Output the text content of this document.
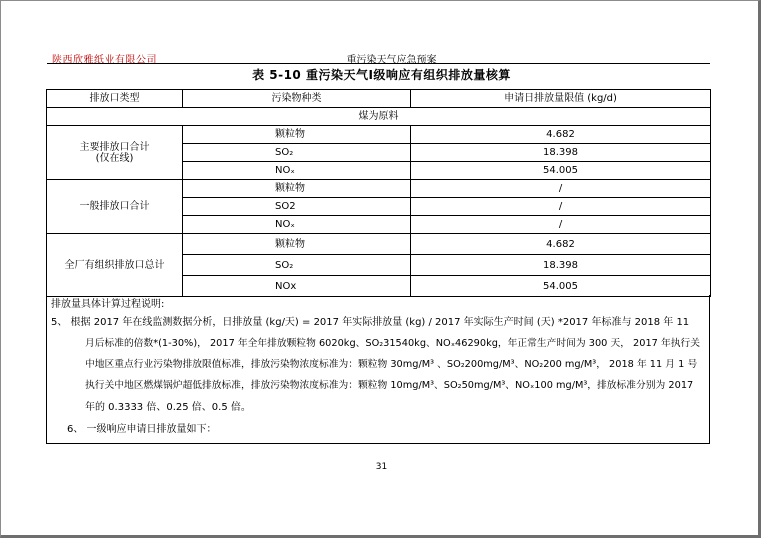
陕西欣雅纸业有限公司	重污染天气应急预案
表 5-10 重污染天气Ⅰ级响应有组织排放量核算
排放口类型	污染物种类	申请日排放量限值 (kg/d)
煤为原料		
主要排放口合计
(仅在线)	颗粒物	4.682
	SO₂	18.398
	NOₓ	54.005
一般排放口合计	颗粒物	/
	SO2	/
	NOₓ	/
全厂有组织排放口总计	颗粒物	4.682
	SO₂	18.398
	NOx	54.005
排放量具体计算过程说明:
5、 根据 2017 年在线监测数据分析，日排放量 (kg/天) = 2017 年实际排放量 (kg) / 2017 年实际生产时间 (天) *2017 年标准与 2018 年 11
月后标准的倍数*(1-30%)， 2017 年全年排放颗粒物 6020kg、SO₂31540kg、NOₓ46290kg，年正常生产时间为 300 天， 2017 年执行关
中地区重点行业污染物排放限值标准，排放污染物浓度标准为：颗粒物 30mg/M³ 、SO₂200mg/M³、NO₂200 mg/M³， 2018 年 11 月 1 号
执行关中地区燃煤锅炉超低排放标准，排放污染物浓度标准为：颗粒物 10mg/M³、SO₂50mg/M³、NOₓ100 mg/M³，排放标准分别为 2017
年的 0.3333 倍、0.25 倍、0.5 倍。
6、 一级响应申请日排放量如下：
31
